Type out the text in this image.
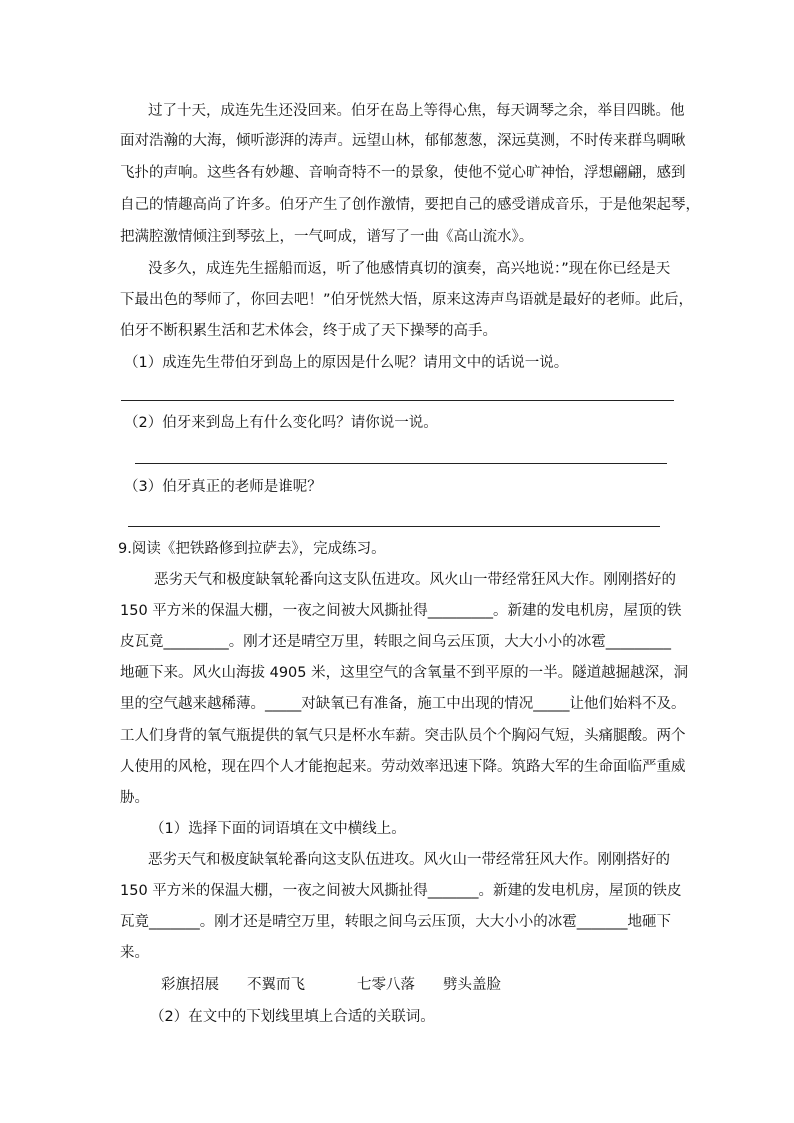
过了十天，成连先生还没回来。伯牙在岛上等得心焦，每天调琴之余，举目四眺。他
面对浩瀚的大海，倾听澎湃的涛声。远望山林，郁郁葱葱，深远莫测，不时传来群鸟啁啾
飞扑的声响。这些各有妙趣、音响奇特不一的景象，使他不觉心旷神怡，浮想翩翩，感到
自己的情趣高尚了许多。伯牙产生了创作激情，要把自己的感受谱成音乐，于是他架起琴，
把满腔激情倾注到琴弦上，一气呵成，谱写了一曲《高山流水》。
没多久，成连先生摇船而返，听了他感情真切的演奏，高兴地说：”现在你已经是天
下最出色的琴师了，你回去吧！”伯牙恍然大悟，原来这涛声鸟语就是最好的老师。此后，
伯牙不断积累生活和艺术体会，终于成了天下操琴的高手。
（1）成连先生带伯牙到岛上的原因是什么呢？请用文中的话说一说。
（2）伯牙来到岛上有什么变化吗？请你说一说。
（3）伯牙真正的老师是谁呢？
9.阅读《把铁路修到拉萨去》，完成练习。
恶劣天气和极度缺氧轮番向这支队伍进攻。风火山一带经常狂风大作。刚刚搭好的
150 平方米的保温大棚，一夜之间被大风撕扯得_________。新建的发电机房，屋顶的铁
皮瓦竟_________。刚才还是晴空万里，转眼之间乌云压顶，大大小小的冰雹_________
地砸下来。风火山海拔 4905 米，这里空气的含氧量不到平原的一半。隧道越掘越深，洞
里的空气越来越稀薄。_____对缺氧已有准备，施工中出现的情况_____让他们始料不及。
工人们身背的氧气瓶提供的氧气只是杯水车薪。突击队员个个胸闷气短，头痛腿酸。两个
人使用的风枪，现在四个人才能抱起来。劳动效率迅速下降。筑路大军的生命面临严重威
胁。
（1）选择下面的词语填在文中横线上。
恶劣天气和极度缺氧轮番向这支队伍进攻。风火山一带经常狂风大作。刚刚搭好的
150 平方米的保温大棚，一夜之间被大风撕扯得_______。新建的发电机房，屋顶的铁皮
瓦竟_______。刚才还是晴空万里，转眼之间乌云压顶，大大小小的冰雹_______地砸下
来。
彩旗招展 不翼而飞	七零八落 劈头盖脸
（2）在文中的下划线里填上合适的关联词。
